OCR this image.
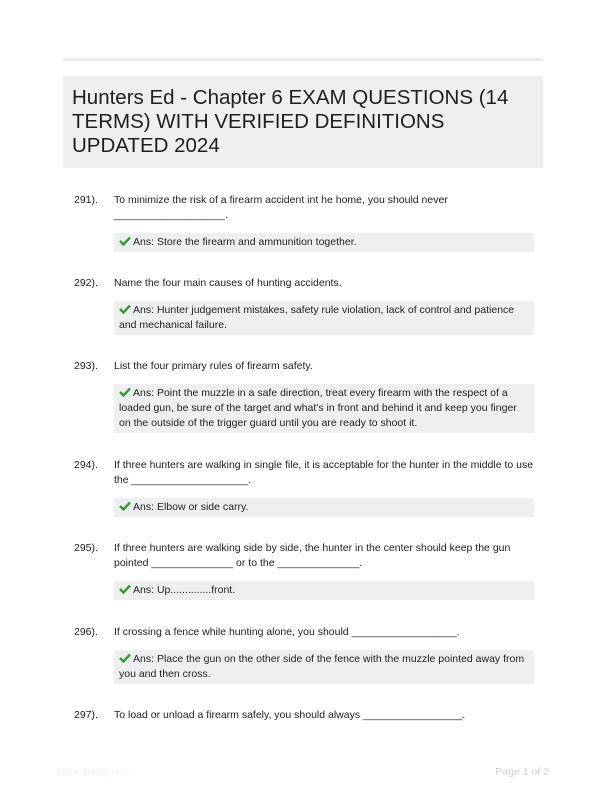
Hunters Ed - Chapter 6 EXAM QUESTIONS (14 TERMS) WITH VERIFIED DEFINITIONS UPDATED 2024
291). To minimize the risk of a firearm accident int he home, you should never ___________________.
Ans: Store the firearm and ammunition together.
292). Name the four main causes of hunting accidents.
Ans: Hunter judgement mistakes, safety rule violation, lack of control and patience and mechanical failure.
293). List the four primary rules of firearm safety.
Ans: Point the muzzle in a safe direction, treat every firearm with the respect of a loaded gun, be sure of the target and what's in front and behind it and keep you finger on the outside of the trigger guard until you are ready to shoot it.
294). If three hunters are walking in single file, it is acceptable for the hunter in the middle to use the ____________________.
Ans: Elbow or side carry.
295). If three hunters are walking side by side, the hunter in the center should keep the gun pointed ______________ or to the ______________.
Ans: Up..............front.
296). If crossing a fence while hunting alone, you should __________________.
Ans: Place the gun on the other side of the fence with the muzzle pointed away from you and then cross.
297). To load or unload a firearm safely, you should always _________________.
Paperlibrary.com	Page 1 of 2
